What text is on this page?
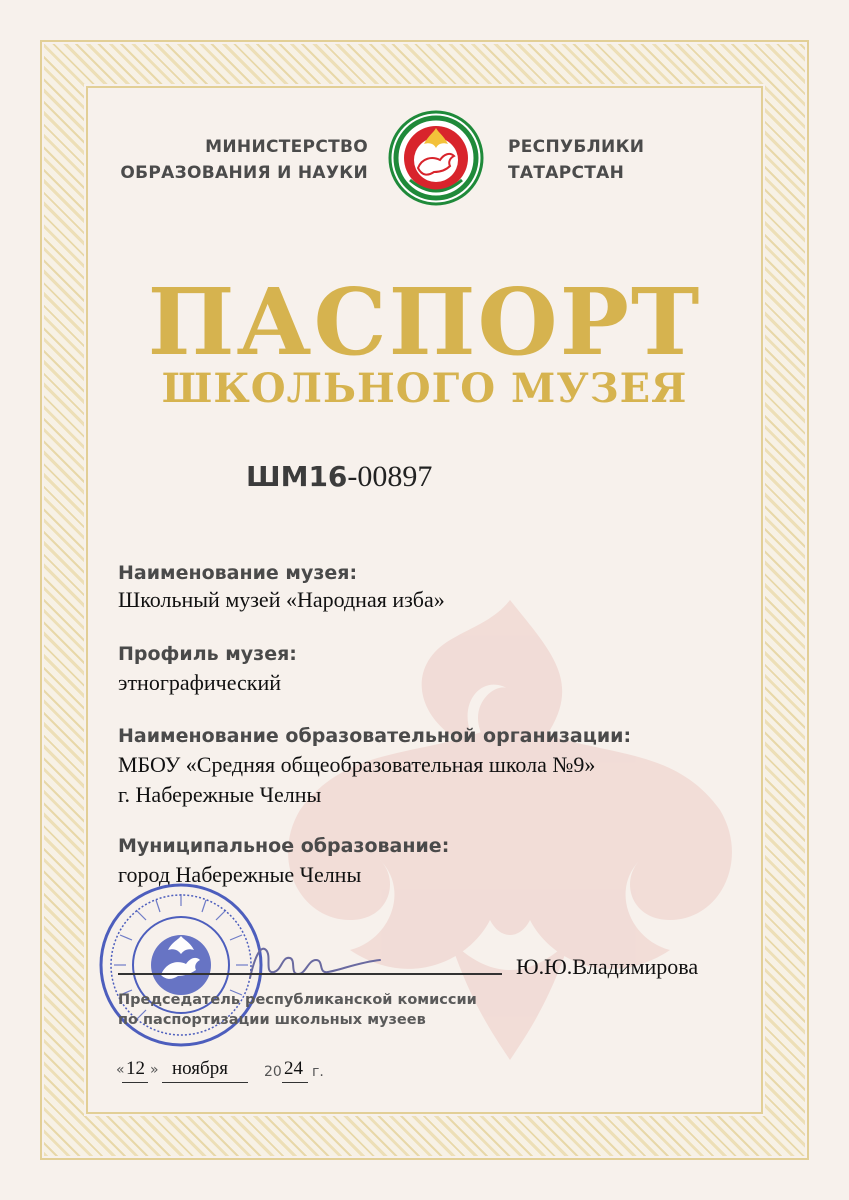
МИНИСТЕРСТВО
ОБРАЗОВАНИЯ И НАУКИ
РЕСПУБЛИКИ
ТАТАРСТАН
ПАСПОРТ
ШКОЛЬНОГО МУЗЕЯ
ШМ16-00897
Наименование музея:
Школьный музей «Народная изба»
Профиль музея:
этнографический
Наименование образовательной организации:
МБОУ «Средняя общеобразовательная школа №9»
г. Набережные Челны
Муниципальное образование:
город Набережные Челны
Ю.Ю.Владимирова
Председатель республиканской комиссии
по паспортизации школьных музеев
« 12 » ноября	20 24 г.
